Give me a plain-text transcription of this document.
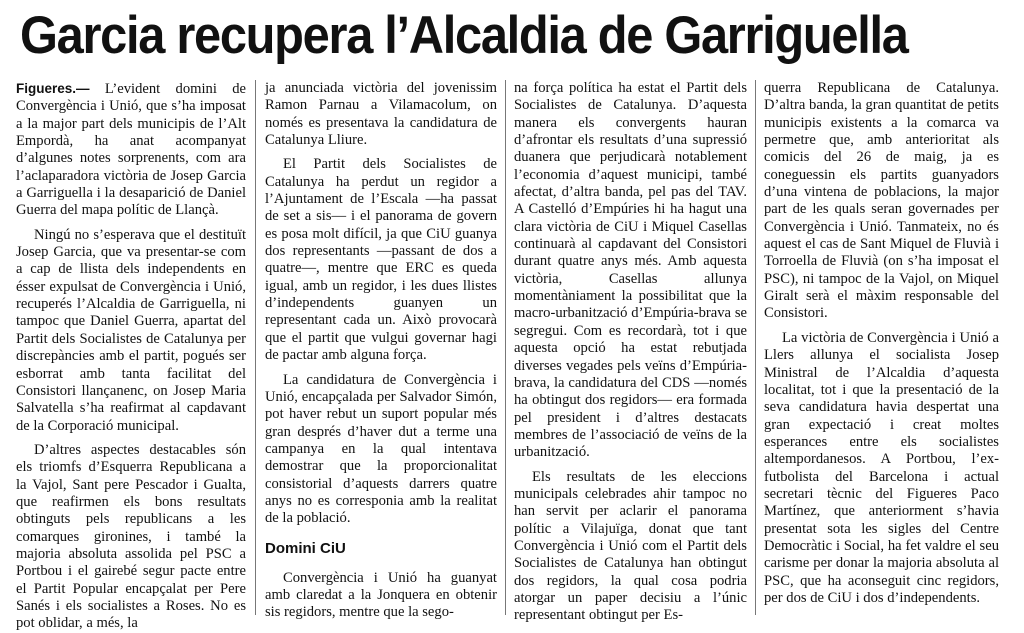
Garcia recupera l’Alcaldia de Garriguella

Figueres.— L’evident domini de Convergència i Unió, que s’ha imposat a la major part dels municipis de l’Alt Empordà, ha anat acompanyat d’algunes notes sorprenents, com ara l’aclaparadora victòria de Josep Garcia a Garriguella i la desaparició de Daniel Guerra del mapa polític de Llançà.

Ningú no s’esperava que el destituït Josep Garcia, que va presentar-se com a cap de llista dels independents en ésser expulsat de Convergència i Unió, recuperés l’Alcaldia de Garriguella, ni tampoc que Daniel Guerra, apartat del Partit dels Socialistes de Catalunya per discrepàncies amb el partit, pogués ser esborrat amb tanta facilitat del Consistori llançanenc, on Josep Maria Salvatella s’ha reafirmat al capdavant de la Corporació municipal.

D’altres aspectes destacables són els triomfs d’Esquerra Republicana a la Vajol, Sant pere Pescador i Gualta, que reafirmen els bons resultats obtinguts pels republicans a les comarques gironines, i també la majoria absoluta assolida pel PSC a Portbou i el gairebé segur pacte entre el Partit Popular encapçalat per Pere Sanés i els socialistes a Roses. No es pot oblidar, a més, la

ja anunciada victòria del jovenissim Ramon Parnau a Vilamacolum, on només es presentava la candidatura de Catalunya Lliure.

El Partit dels Socialistes de Catalunya ha perdut un regidor a l’Ajuntament de l’Escala —ha passat de set a sis— i el panorama de govern es posa molt difícil, ja que CiU guanya dos representants —passant de dos a quatre—, mentre que ERC es queda igual, amb un regidor, i les dues llistes d’independents guanyen un representant cada un. Això provocarà que el partit que vulgui governar hagi de pactar amb alguna força.

La candidatura de Convergència i Unió, encapçalada per Salvador Simón, pot haver rebut un suport popular més gran després d’haver dut a terme una campanya en la qual intentava demostrar que la proporcionalitat consistorial d’aquests darrers quatre anys no es corresponia amb la realitat de la població.

Domini CiU

Convergència i Unió ha guanyat amb claredat a la Jonquera en obtenir sis regidors, mentre que la sego-

na força política ha estat el Partit dels Socialistes de Catalunya. D’aquesta manera els convergents hauran d’afrontar els resultats d’una supressió duanera que perjudicarà notablement l’economia d’aquest municipi, també afectat, d’altra banda, pel pas del TAV. A Castelló d’Empúries hi ha hagut una clara victòria de CiU i Miquel Casellas continuarà al capdavant del Consistori durant quatre anys més. Amb aquesta victòria, Casellas allunya momentàniament la possibilitat que la macro-urbanització d’Empúria-brava se segregui. Com es recordarà, tot i que aquesta opció ha estat rebutjada diverses vegades pels veïns d’Empúria-brava, la candidatura del CDS —només ha obtingut dos regidors— era formada pel president i d’altres destacats membres de l’associació de veïns de la urbanització.

Els resultats de les eleccions municipals celebrades ahir tampoc no han servit per aclarir el panorama polític a Vilajuïga, donat que tant Convergència i Unió com el Partit dels Socialistes de Catalunya han obtingut dos regidors, la qual cosa podria atorgar un paper decisiu a l’únic representant obtingut per Es-

querra Republicana de Catalunya. D’altra banda, la gran quantitat de petits municipis existents a la comarca va permetre que, amb anterioritat als comicis del 26 de maig, ja es coneguessin els partits guanyadors d’una vintena de poblacions, la major part de les quals seran governades per Convergència i Unió. Tanmateix, no és aquest el cas de Sant Miquel de Fluvià i Torroella de Fluvià (on s’ha imposat el PSC), ni tampoc de la Vajol, on Miquel Giralt serà el màxim responsable del Consistori.

La victòria de Convergència i Unió a Llers allunya el socialista Josep Ministral de l’Alcaldia d’aquesta localitat, tot i que la presentació de la seva candidatura havia despertat una gran expectació i creat moltes esperances entre els socialistes altempordanesos. A Portbou, l’ex-futbolista del Barcelona i actual secretari tècnic del Figueres Paco Martínez, que anteriorment s’havia presentat sota les sigles del Centre Democràtic i Social, ha fet valdre el seu carisme per donar la majoria absoluta al PSC, que ha aconseguit cinc regidors, per dos de CiU i dos d’independents.
